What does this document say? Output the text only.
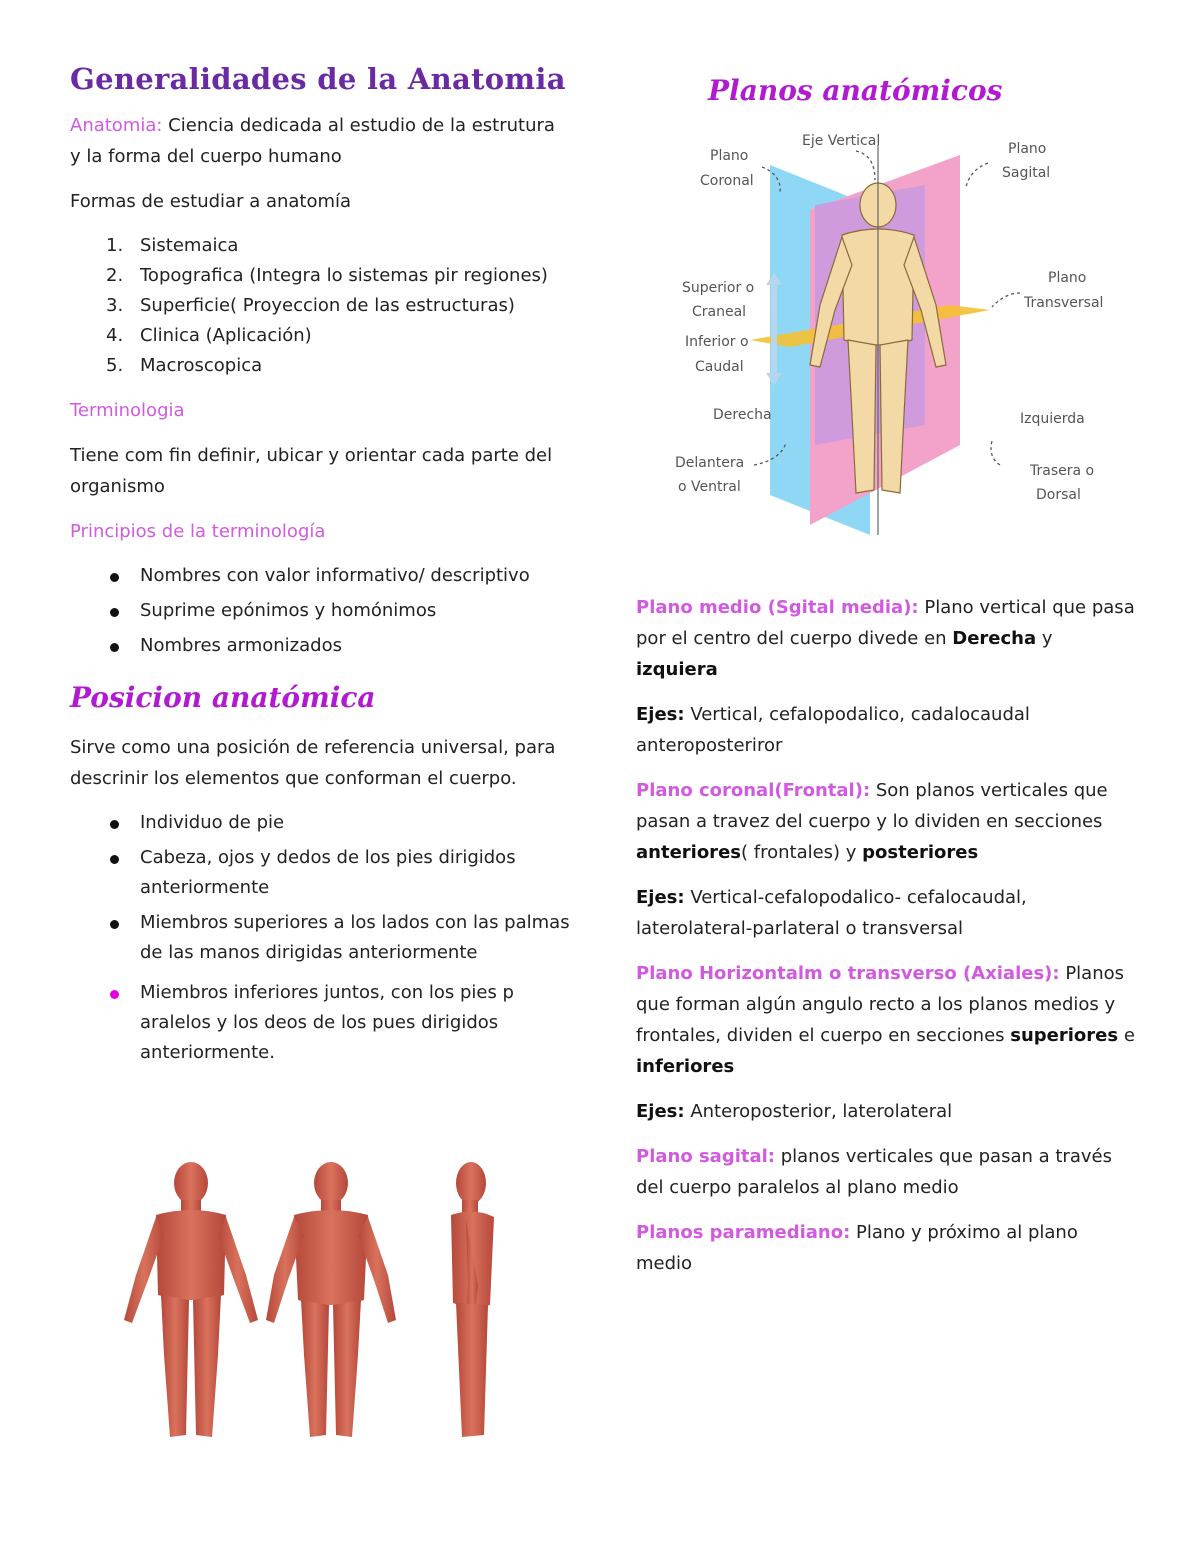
Generalidades de la Anatomia

Anatomia: Ciencia dedicada al estudio de la estrutura y la forma del cuerpo humano

Formas de estudiar a anatomía

1. Sistemaica
2. Topografica (Integra lo sistemas pir regiones)
3. Superficie( Proyeccion de las estructuras)
4. Clinica (Aplicación)
5. Macroscopica

Terminologia

Tiene com fin definir, ubicar y orientar cada parte del organismo

Principios de la terminología

Nombres con valor informativo/ descriptivo
Suprime epónimos y homónimos
Nombres armonizados
Posicion anatómica

Sirve como una posición de referencia universal, para descrinir los elementos que conforman el cuerpo.

Individuo de pie
Cabeza, ojos y dedos de los pies dirigidos anteriormente
Miembros superiores a los lados con las palmas de las manos dirigidas anteriormente
Miembros inferiores juntos, con los pies p aralelos y los deos de los pues dirigidos anteriormente.
Planos anatómicos
Plano
Coronal
Eje Vertical	Plano
Sagital
Superior o
Craneal
Inferior o
Caudal
Plano
Transversal
Derecha	Izquierda
Delantera
o Ventral
Trasera o
Dorsal

Plano medio (Sgital media): Plano vertical que pasa por el centro del cuerpo divede en Derecha y izquiera

Ejes: Vertical, cefalopodalico, cadalocaudal anteroposteriror

Plano coronal(Frontal): Son planos verticales que pasan a travez del cuerpo y lo dividen en secciones anteriores( frontales) y posteriores

Ejes: Vertical-cefalopodalico- cefalocaudal, laterolateral-parlateral o transversal

Plano Horizontalm o transverso (Axiales): Planos que forman algún angulo recto a los planos medios y frontales, dividen el cuerpo en secciones superiores e inferiores

Ejes: Anteroposterior, laterolateral

Plano sagital: planos verticales que pasan a través del cuerpo paralelos al plano medio

Planos paramediano: Plano y próximo al plano medio
